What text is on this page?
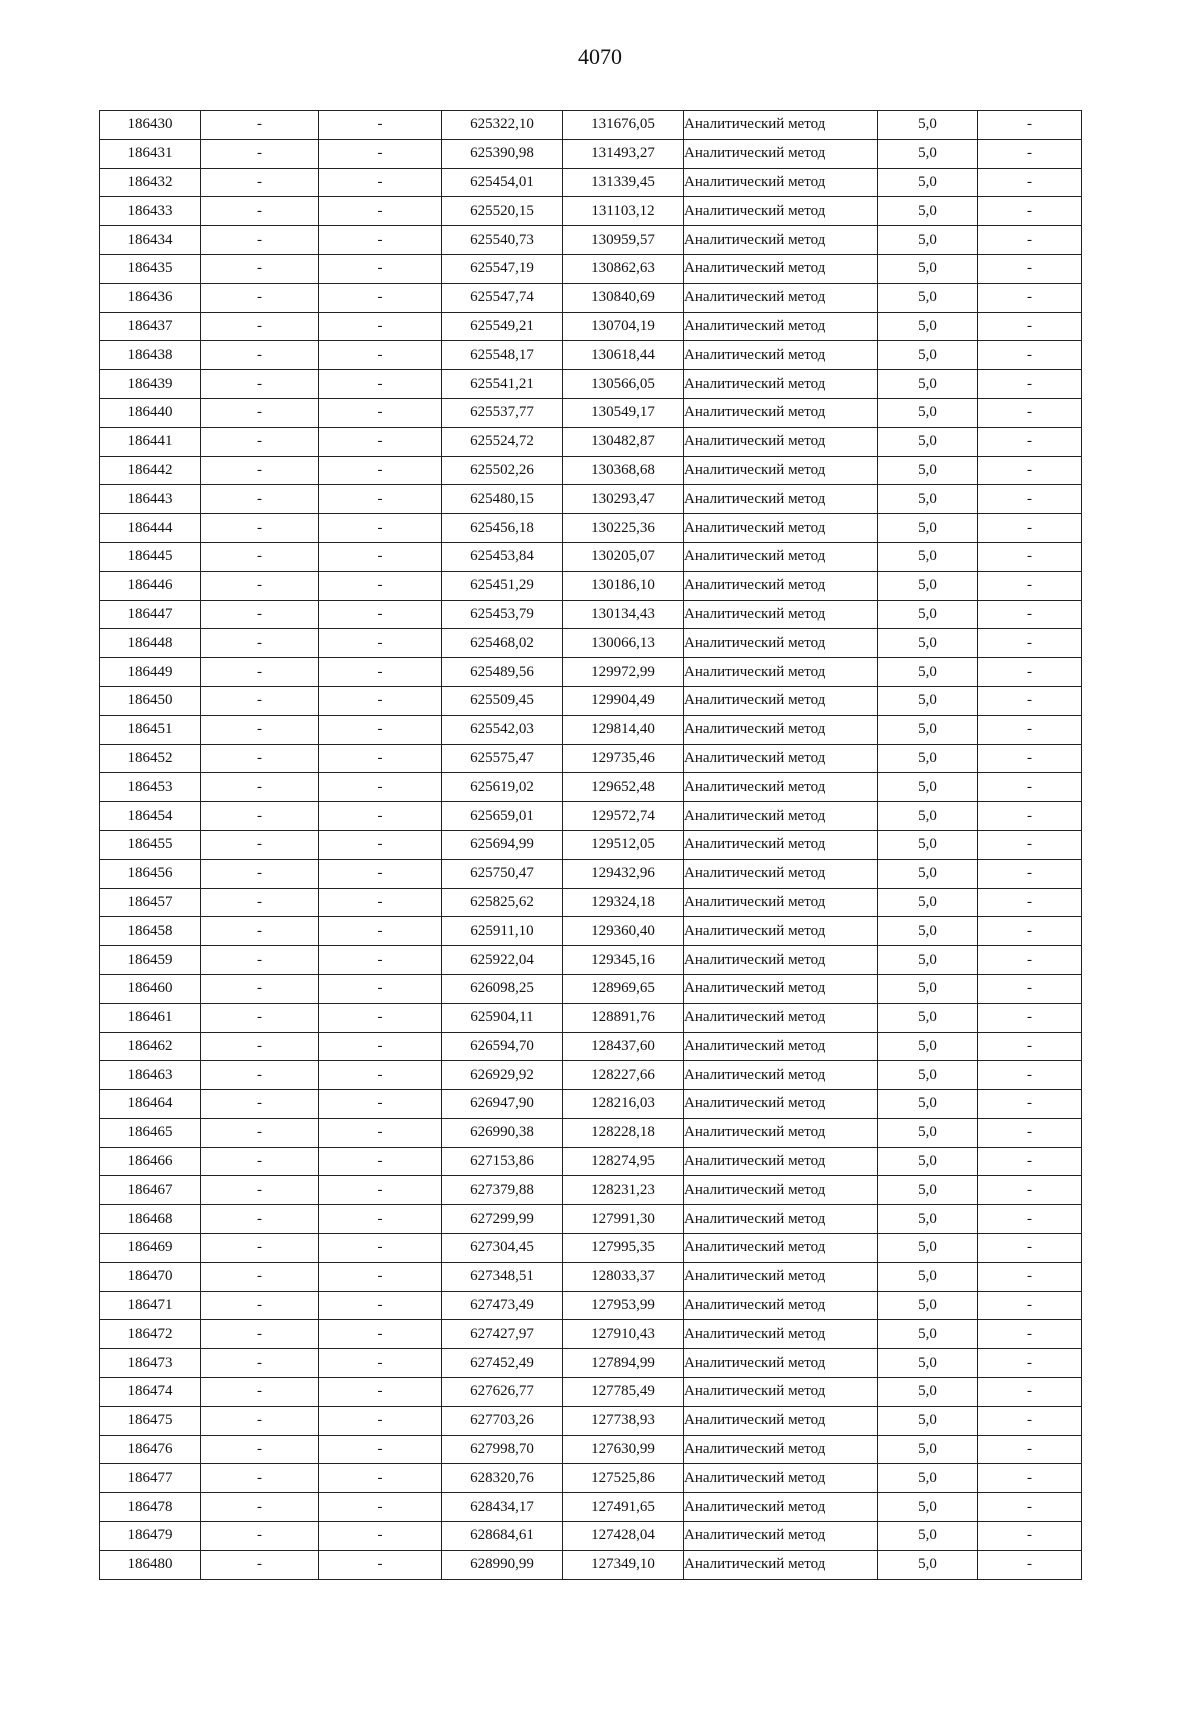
4070
186430	-	-	625322,10	131676,05	Аналитический метод	5,0	-
186431	-	-	625390,98	131493,27	Аналитический метод	5,0	-
186432	-	-	625454,01	131339,45	Аналитический метод	5,0	-
186433	-	-	625520,15	131103,12	Аналитический метод	5,0	-
186434	-	-	625540,73	130959,57	Аналитический метод	5,0	-
186435	-	-	625547,19	130862,63	Аналитический метод	5,0	-
186436	-	-	625547,74	130840,69	Аналитический метод	5,0	-
186437	-	-	625549,21	130704,19	Аналитический метод	5,0	-
186438	-	-	625548,17	130618,44	Аналитический метод	5,0	-
186439	-	-	625541,21	130566,05	Аналитический метод	5,0	-
186440	-	-	625537,77	130549,17	Аналитический метод	5,0	-
186441	-	-	625524,72	130482,87	Аналитический метод	5,0	-
186442	-	-	625502,26	130368,68	Аналитический метод	5,0	-
186443	-	-	625480,15	130293,47	Аналитический метод	5,0	-
186444	-	-	625456,18	130225,36	Аналитический метод	5,0	-
186445	-	-	625453,84	130205,07	Аналитический метод	5,0	-
186446	-	-	625451,29	130186,10	Аналитический метод	5,0	-
186447	-	-	625453,79	130134,43	Аналитический метод	5,0	-
186448	-	-	625468,02	130066,13	Аналитический метод	5,0	-
186449	-	-	625489,56	129972,99	Аналитический метод	5,0	-
186450	-	-	625509,45	129904,49	Аналитический метод	5,0	-
186451	-	-	625542,03	129814,40	Аналитический метод	5,0	-
186452	-	-	625575,47	129735,46	Аналитический метод	5,0	-
186453	-	-	625619,02	129652,48	Аналитический метод	5,0	-
186454	-	-	625659,01	129572,74	Аналитический метод	5,0	-
186455	-	-	625694,99	129512,05	Аналитический метод	5,0	-
186456	-	-	625750,47	129432,96	Аналитический метод	5,0	-
186457	-	-	625825,62	129324,18	Аналитический метод	5,0	-
186458	-	-	625911,10	129360,40	Аналитический метод	5,0	-
186459	-	-	625922,04	129345,16	Аналитический метод	5,0	-
186460	-	-	626098,25	128969,65	Аналитический метод	5,0	-
186461	-	-	625904,11	128891,76	Аналитический метод	5,0	-
186462	-	-	626594,70	128437,60	Аналитический метод	5,0	-
186463	-	-	626929,92	128227,66	Аналитический метод	5,0	-
186464	-	-	626947,90	128216,03	Аналитический метод	5,0	-
186465	-	-	626990,38	128228,18	Аналитический метод	5,0	-
186466	-	-	627153,86	128274,95	Аналитический метод	5,0	-
186467	-	-	627379,88	128231,23	Аналитический метод	5,0	-
186468	-	-	627299,99	127991,30	Аналитический метод	5,0	-
186469	-	-	627304,45	127995,35	Аналитический метод	5,0	-
186470	-	-	627348,51	128033,37	Аналитический метод	5,0	-
186471	-	-	627473,49	127953,99	Аналитический метод	5,0	-
186472	-	-	627427,97	127910,43	Аналитический метод	5,0	-
186473	-	-	627452,49	127894,99	Аналитический метод	5,0	-
186474	-	-	627626,77	127785,49	Аналитический метод	5,0	-
186475	-	-	627703,26	127738,93	Аналитический метод	5,0	-
186476	-	-	627998,70	127630,99	Аналитический метод	5,0	-
186477	-	-	628320,76	127525,86	Аналитический метод	5,0	-
186478	-	-	628434,17	127491,65	Аналитический метод	5,0	-
186479	-	-	628684,61	127428,04	Аналитический метод	5,0	-
186480	-	-	628990,99	127349,10	Аналитический метод	5,0	-
